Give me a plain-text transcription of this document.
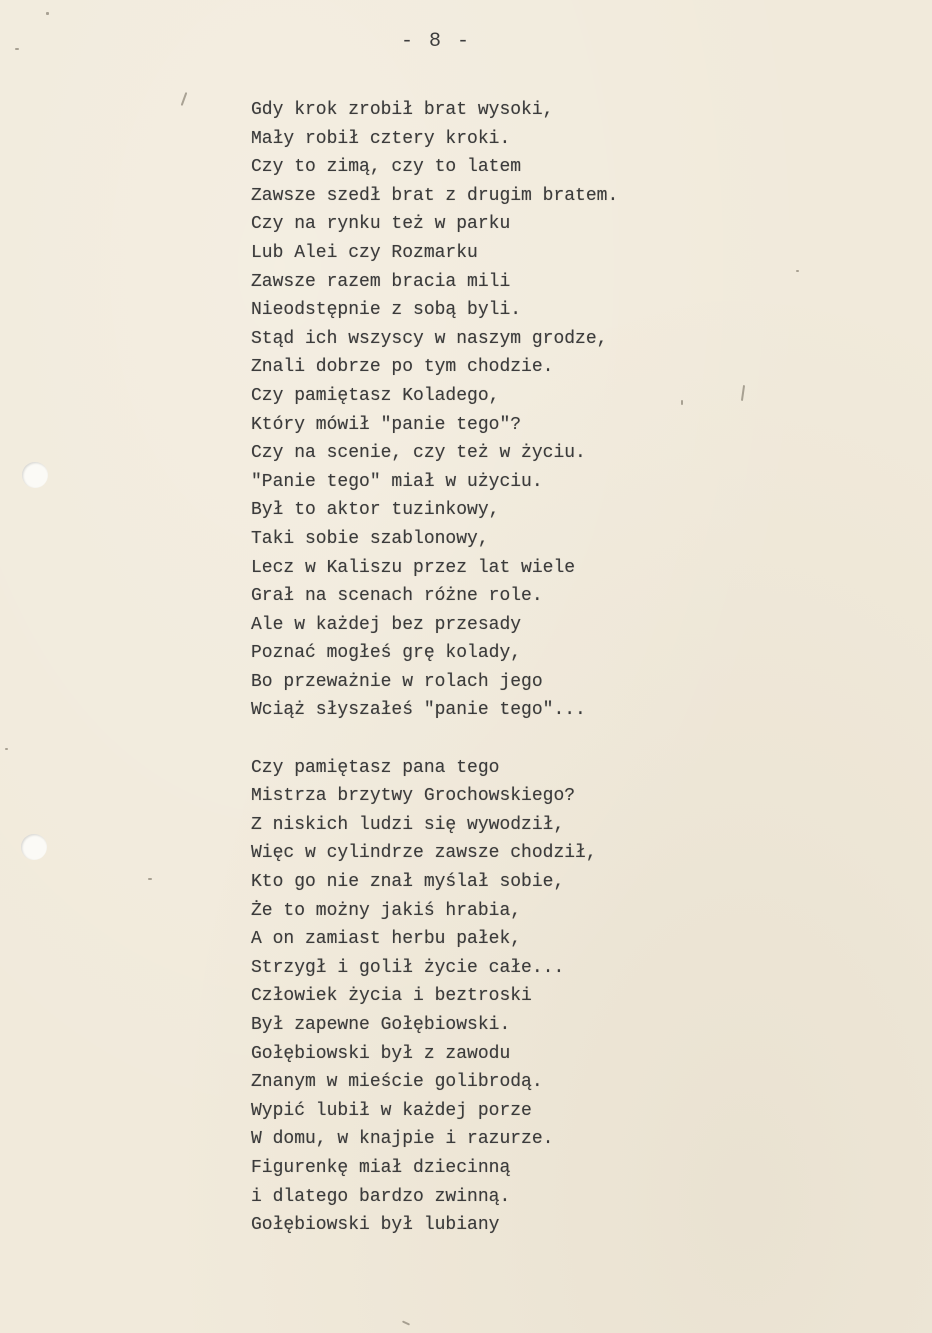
- 8 -
Gdy krok zrobił brat wysoki,
Mały robił cztery kroki.
Czy to zimą, czy to latem
Zawsze szedł brat z drugim bratem.
Czy na rynku też w parku
Lub Alei czy Rozmarku
Zawsze razem bracia mili
Nieodstępnie z sobą byli.
Stąd ich wszyscy w naszym grodze,
Znali dobrze po tym chodzie.
Czy pamiętasz Koladego,
Który mówił "panie tego"?
Czy na scenie, czy też w życiu.
"Panie tego" miał w użyciu.
Był to aktor tuzinkowy,
Taki sobie szablonowy,
Lecz w Kaliszu przez lat wiele
Grał na scenach różne role.
Ale w każdej bez przesady
Poznać mogłeś grę kolady,
Bo przeważnie w rolach jego
Wciąż słyszałeś "panie tego"...
Czy pamiętasz pana tego
Mistrza brzytwy Grochowskiego?
Z niskich ludzi się wywodził,
Więc w cylindrze zawsze chodził,
Kto go nie znał myślał sobie,
Że to możny jakiś hrabia,
A on zamiast herbu pałek,
Strzygł i golił życie całe...
Człowiek życia i beztroski
Był zapewne Gołębiowski.
Gołębiowski był z zawodu
Znanym w mieście golibrodą.
Wypić lubił w każdej porze
W domu, w knajpie i razurze.
Figurenkę miał dziecinną
i dlatego bardzo zwinną.
Gołębiowski był lubiany
